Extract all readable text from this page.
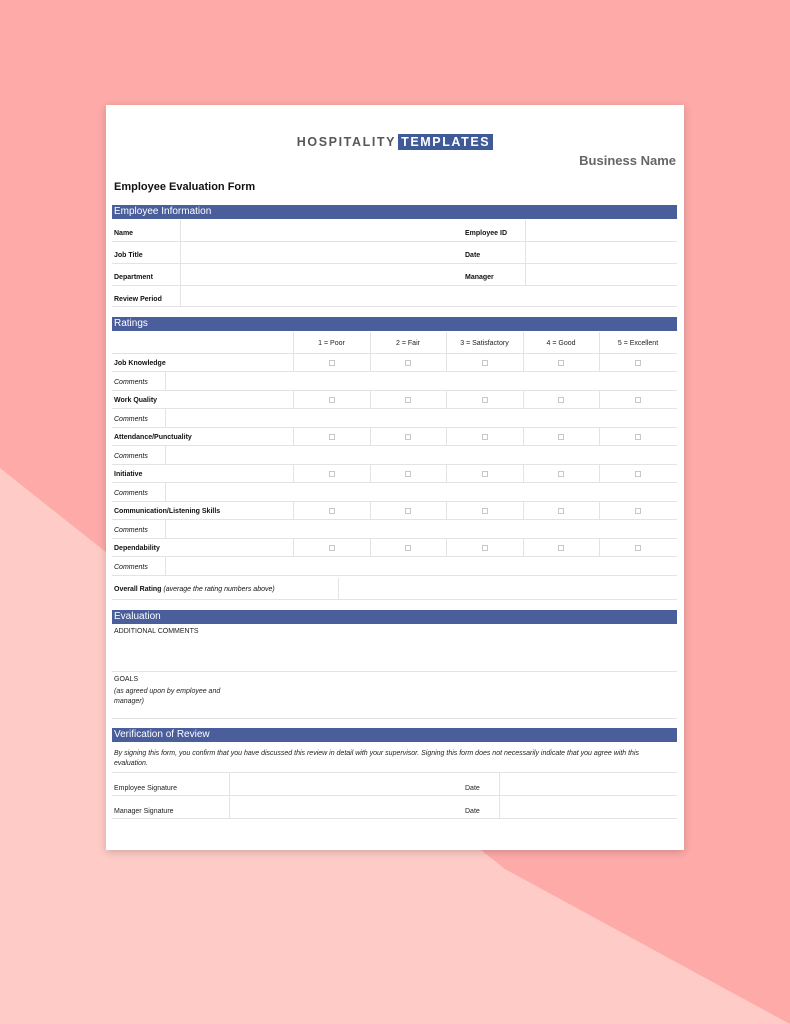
HOSPITALITY TEMPLATES
Business Name
Employee Evaluation Form
Employee Information
Name	Employee ID
Job Title	Date
Department	Manager
Review Period
Ratings
1 = Poor	2 = Fair	3 = Satisfactory	4 = Good	5 = Excellent
Job Knowledge
Comments
Work Quality
Comments
Attendance/Punctuality
Comments
Initiative
Comments
Communication/Listening Skills
Comments
Dependability
Comments
Overall Rating (average the rating numbers above)
Evaluation
ADDITIONAL COMMENTS
GOALS
(as agreed upon by employee and manager)
Verification of Review
By signing this form, you confirm that you have discussed this review in detail with your supervisor. Signing this form does not necessarily indicate that you agree with this evaluation.
Employee Signature	Date
Manager Signature	Date
